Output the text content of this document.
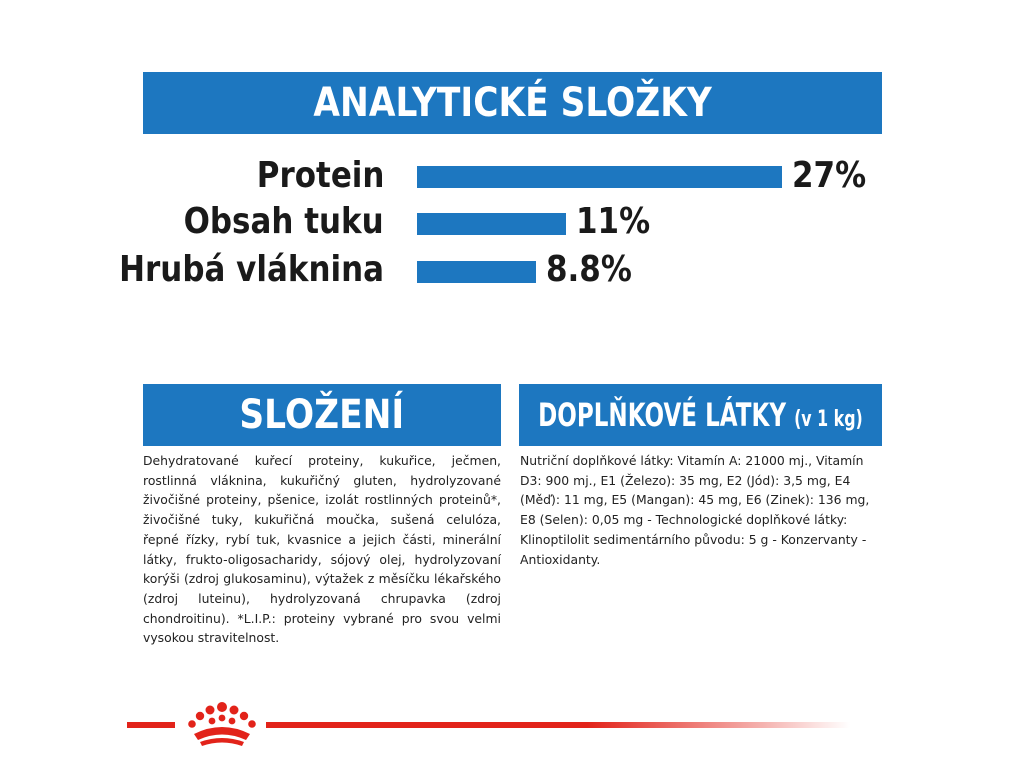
ANALYTICKÉ SLOŽKY
Protein	27%
Obsah tuku	11%
Hrubá vláknina	8.8%
SLOŽENÍ
Dehydratované kuřecí proteiny, kukuřice, ječmen, rostlinná vláknina, kukuřičný gluten, hydrolyzované živočišné proteiny, pšenice, izolát rostlinných proteinů*, živočišné tuky, kukuřičná moučka, sušená celulóza, řepné řízky, rybí tuk, kvasnice a jejich části, minerální látky, frukto-oligosacharidy, sójový olej, hydrolyzovaní korýši (zdroj glukosaminu), výtažek z měsíčku lékařského (zdroj luteinu), hydrolyzovaná chrupavka (zdroj chondroitinu). *L.I.P.: proteiny vybrané pro svou velmi vysokou stravitelnost.
DOPLŇKOVÉ LÁTKY (v 1 kg)
Nutriční doplňkové látky: Vitamín A: 21000 mj., Vitamín D3: 900 mj., E1 (Železo): 35 mg, E2 (Jód): 3,5 mg, E4 (Měď): 11 mg, E5 (Mangan): 45 mg, E6 (Zinek): 136 mg, E8 (Selen): 0,05 mg - Technologické doplňkové látky: Klinoptilolit sedimentárního původu: 5 g - Konzervanty - Antioxidanty.
